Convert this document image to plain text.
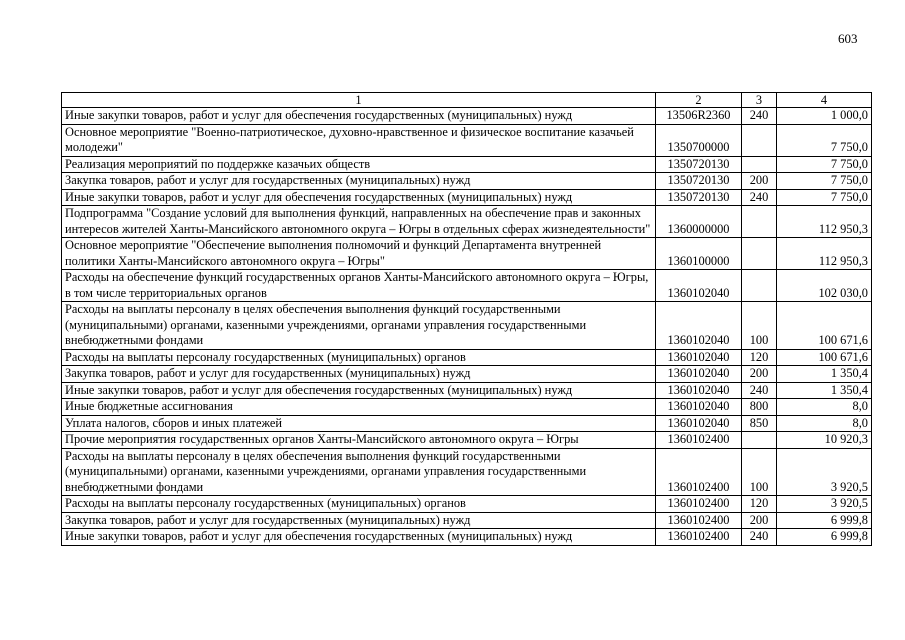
603
1	2	3	4
Иные закупки товаров, работ и услуг для обеспечения государственных (муниципальных) нужд	13506R2360	240	1 000,0
Основное мероприятие "Военно-патриотическое, духовно-нравственное и физическое воспитание казачьей молодежи"	1350700000		7 750,0
Реализация мероприятий по поддержке казачьих обществ	1350720130		7 750,0
Закупка товаров, работ и услуг для государственных (муниципальных) нужд	1350720130	200	7 750,0
Иные закупки товаров, работ и услуг для обеспечения государственных (муниципальных) нужд	1350720130	240	7 750,0
Подпрограмма "Создание условий для выполнения функций, направленных на обеспечение прав и законных интересов жителей Ханты-Мансийского автономного округа – Югры в отдельных сферах жизнедеятельности"	1360000000		112 950,3
Основное мероприятие "Обеспечение выполнения полномочий и функций Департамента внутренней политики Ханты-Мансийского автономного округа – Югры"	1360100000		112 950,3
Расходы на обеспечение функций государственных органов Ханты-Мансийского автономного округа – Югры, в том числе территориальных органов	1360102040		102 030,0
Расходы на выплаты персоналу в целях обеспечения выполнения функций государственными (муниципальными) органами, казенными учреждениями, органами управления государственными внебюджетными фондами	1360102040	100	100 671,6
Расходы на выплаты персоналу государственных (муниципальных) органов	1360102040	120	100 671,6
Закупка товаров, работ и услуг для государственных (муниципальных) нужд	1360102040	200	1 350,4
Иные закупки товаров, работ и услуг для обеспечения государственных (муниципальных) нужд	1360102040	240	1 350,4
Иные бюджетные ассигнования	1360102040	800	8,0
Уплата налогов, сборов и иных платежей	1360102040	850	8,0
Прочие мероприятия государственных органов Ханты-Мансийского автономного округа – Югры	1360102400		10 920,3
Расходы на выплаты персоналу в целях обеспечения выполнения функций государственными (муниципальными) органами, казенными учреждениями, органами управления государственными внебюджетными фондами	1360102400	100	3 920,5
Расходы на выплаты персоналу государственных (муниципальных) органов	1360102400	120	3 920,5
Закупка товаров, работ и услуг для государственных (муниципальных) нужд	1360102400	200	6 999,8
Иные закупки товаров, работ и услуг для обеспечения государственных (муниципальных) нужд	1360102400	240	6 999,8
